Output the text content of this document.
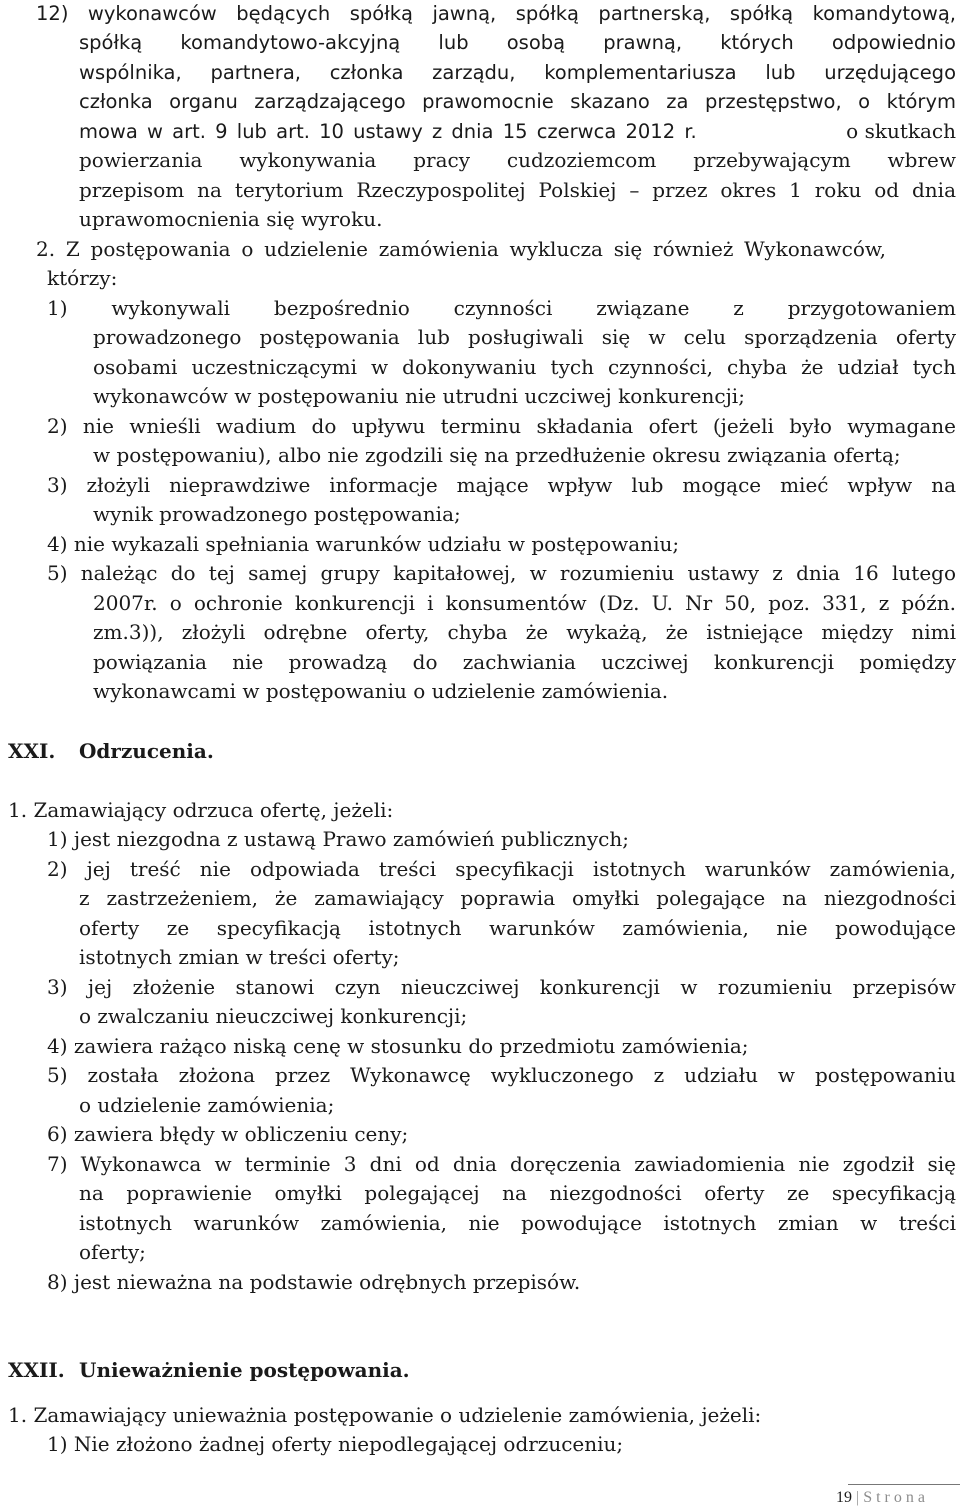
12) wykonawców będących spółką jawną, spółką partnerską, spółką komandytową,
spółką komandytowo-akcyjną lub osobą prawną, których odpowiednio
wspólnika, partnera, członka zarządu, komplementariusza lub urzędującego
członka organu zarządzającego prawomocnie skazano za przestępstwo, o którym
mowa w art. 9 lub art. 10 ustawy z dnia 15 czerwca 2012 r.	o skutkach
powierzania wykonywania pracy cudzoziemcom przebywającym wbrew
przepisom na terytorium Rzeczypospolitej Polskiej – przez okres 1 roku od dnia
uprawomocnienia się wyroku.
2. Z postępowania o udzielenie zamówienia wyklucza się również Wykonawców,
którzy:
1) wykonywali bezpośrednio czynności związane z przygotowaniem
prowadzonego postępowania lub posługiwali się w celu sporządzenia oferty
osobami uczestniczącymi w dokonywaniu tych czynności, chyba że udział tych
wykonawców w postępowaniu nie utrudni uczciwej konkurencji;
2) nie wnieśli wadium do upływu terminu składania ofert (jeżeli było wymagane
w postępowaniu), albo nie zgodzili się na przedłużenie okresu związania ofertą;
3) złożyli nieprawdziwe informacje mające wpływ lub mogące mieć wpływ na
wynik prowadzonego postępowania;
4) nie wykazali spełniania warunków udziału w postępowaniu;
5) należąc do tej samej grupy kapitałowej, w rozumieniu ustawy z dnia 16 lutego
2007r. o ochronie konkurencji i konsumentów (Dz. U. Nr 50, poz. 331, z późn.
zm.3)), złożyli odrębne oferty, chyba że wykażą, że istniejące między nimi
powiązania nie prowadzą do zachwiania uczciwej konkurencji pomiędzy
wykonawcami w postępowaniu o udzielenie zamówienia.
XXI. Odrzucenia.
1. Zamawiający odrzuca ofertę, jeżeli:
1) jest niezgodna z ustawą Prawo zamówień publicznych;
2) jej treść nie odpowiada treści specyfikacji istotnych warunków zamówienia,
z zastrzeżeniem, że zamawiający poprawia omyłki polegające na niezgodności
oferty ze specyfikacją istotnych warunków zamówienia, nie powodujące
istotnych zmian w treści oferty;
3) jej złożenie stanowi czyn nieuczciwej konkurencji w rozumieniu przepisów
o zwalczaniu nieuczciwej konkurencji;
4) zawiera rażąco niską cenę w stosunku do przedmiotu zamówienia;
5) została złożona przez Wykonawcę wykluczonego z udziału w postępowaniu
o udzielenie zamówienia;
6) zawiera błędy w obliczeniu ceny;
7) Wykonawca w terminie 3 dni od dnia doręczenia zawiadomienia nie zgodził się
na poprawienie omyłki polegającej na niezgodności oferty ze specyfikacją
istotnych warunków zamówienia, nie powodujące istotnych zmian w treści
oferty;
8) jest nieważna na podstawie odrębnych przepisów.
XXII. Unieważnienie postępowania.
1. Zamawiający unieważnia postępowanie o udzielenie zamówienia, jeżeli:
1) Nie złożono żadnej oferty niepodlegającej odrzuceniu;
19 | Strona
